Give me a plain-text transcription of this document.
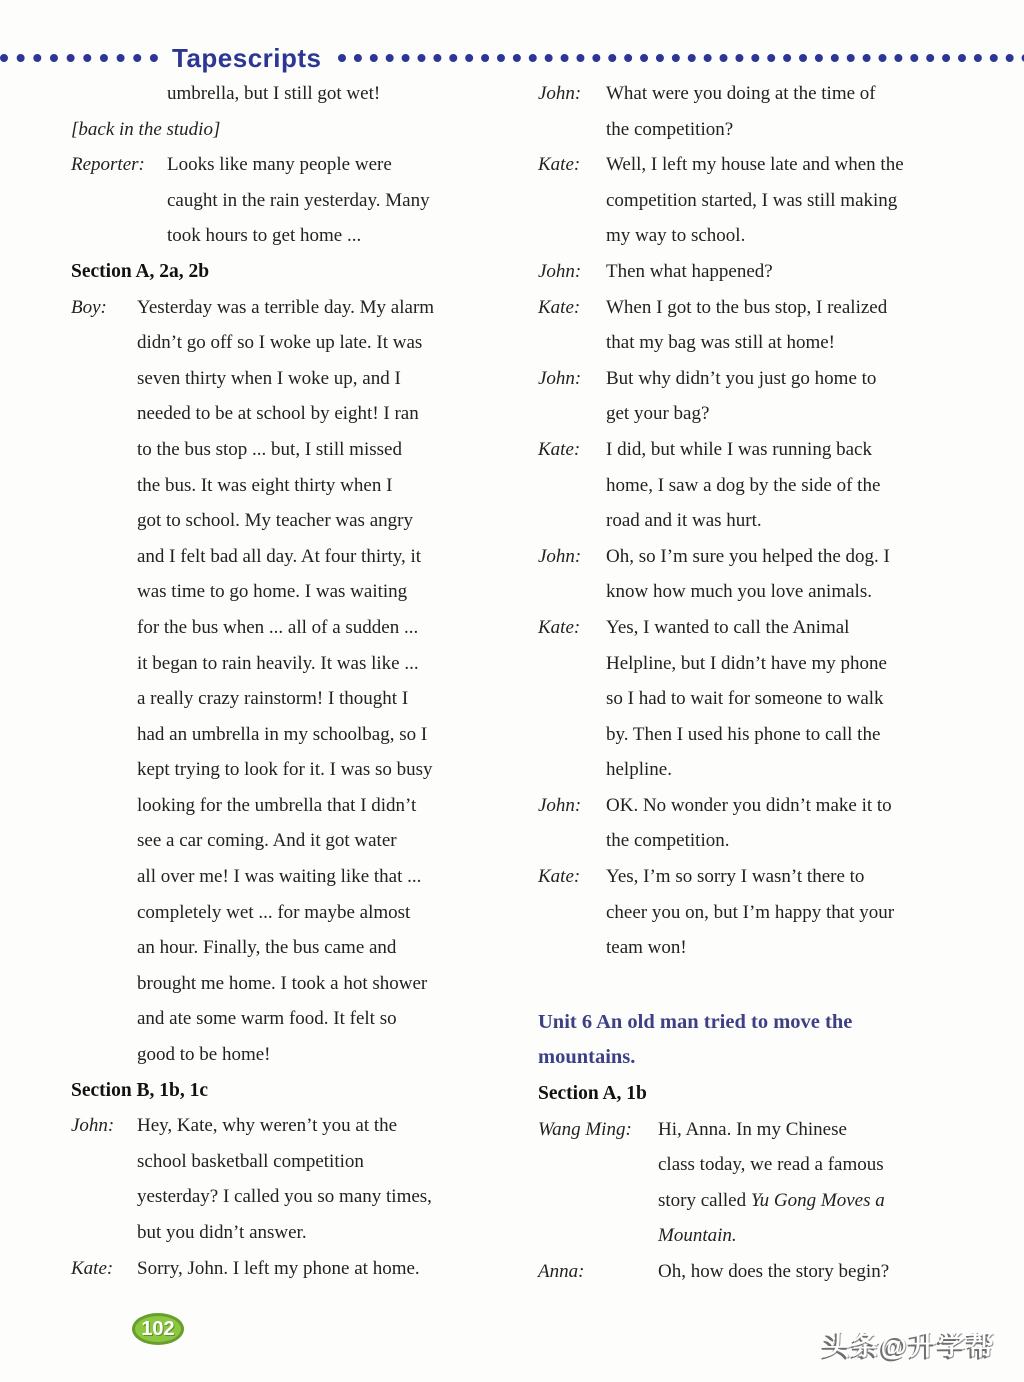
Tapescripts
umbrella, but I still got wet!

[back in the studio]

Reporter:	Looks like many people were
caught in the rain yesterday. Many
took hours to get home ...
Section A, 2a, 2b
Boy:	Yesterday was a terrible day. My alarm
didn’t go off so I woke up late. It was
seven thirty when I woke up, and I
needed to be at school by eight! I ran
to the bus stop ... but, I still missed
the bus. It was eight thirty when I
got to school. My teacher was angry
and I felt bad all day. At four thirty, it
was time to go home. I was waiting
for the bus when ... all of a sudden ...
it began to rain heavily. It was like ...
a really crazy rainstorm! I thought I
had an umbrella in my schoolbag, so I
kept trying to look for it. I was so busy
looking for the umbrella that I didn’t
see a car coming. And it got water
all over me! I was waiting like that ...
completely wet ... for maybe almost
an hour. Finally, the bus came and
brought me home. I took a hot shower
and ate some warm food. It felt so
good to be home!
Section B, 1b, 1c
John:	Hey, Kate, why weren’t you at the
school basketball competition
yesterday? I called you so many times,
but you didn’t answer.
Kate:	Sorry, John. I left my phone at home.
John:	What were you doing at the time of
the competition?
Kate:	Well, I left my house late and when the
competition started, I was still making
my way to school.
John:	Then what happened?
Kate:	When I got to the bus stop, I realized
that my bag was still at home!
John:	But why didn’t you just go home to
get your bag?
Kate:	I did, but while I was running back
home, I saw a dog by the side of the
road and it was hurt.
John:	Oh, so I’m sure you helped the dog. I
know how much you love animals.
Kate:	Yes, I wanted to call the Animal
Helpline, but I didn’t have my phone
so I had to wait for someone to walk
by. Then I used his phone to call the
helpline.
John:	OK. No wonder you didn’t make it to
the competition.
Kate:	Yes, I’m so sorry I wasn’t there to
cheer you on, but I’m happy that your
team won!
Unit 6 An old man tried to move the
mountains.
Section A, 1b
Wang Ming:	Hi, Anna. In my Chinese
class today, we read a famous
story called Yu Gong Moves a
Mountain.
Anna:	Oh, how does the story begin?
102
头条@升学帮
